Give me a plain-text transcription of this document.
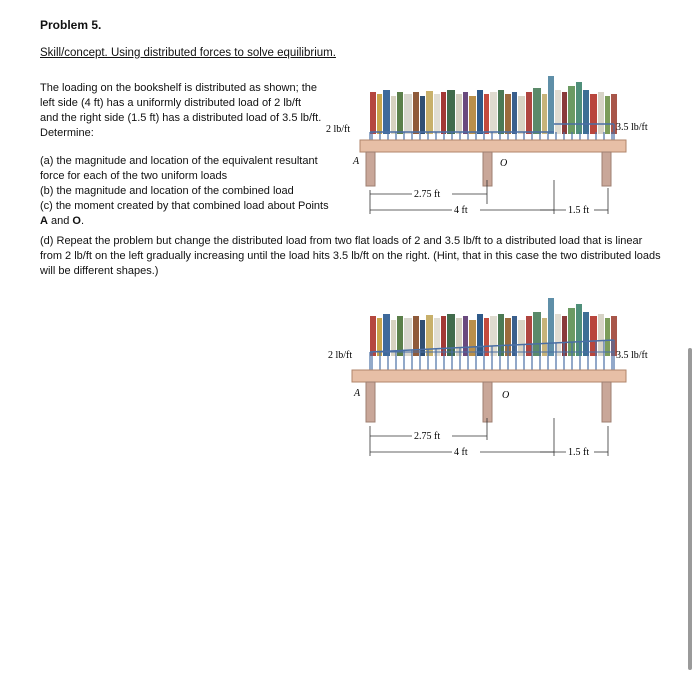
Problem 5.
Skill/concept. Using distributed forces to solve equilibrium.
The loading on the bookshelf is distributed as shown; the left side (4 ft) has a uniformly distributed load of 2 lb/ft and the right side (1.5 ft) has a distributed load of 3.5 lb/ft. Determine:
(a) the magnitude and location of the equivalent resultant force for each of the two uniform loads
(b) the magnitude and location of the combined load
(c) the moment created by that combined load about Points A and O.
(d) Repeat the problem but change the distributed load from two flat loads of 2 and 3.5 lb/ft to a distributed load that is linear from 2 lb/ft on the left gradually increasing until the load hits 3.5 lb/ft on the right. (Hint, that in this case the two distributed loads will be different shapes.)
2 lb/ft	3.5 lb/ft
A	O
2.75 ft
4 ft	1.5 ft
2 lb/ft	3.5 lb/ft
A	O
2.75 ft
4 ft	1.5 ft
